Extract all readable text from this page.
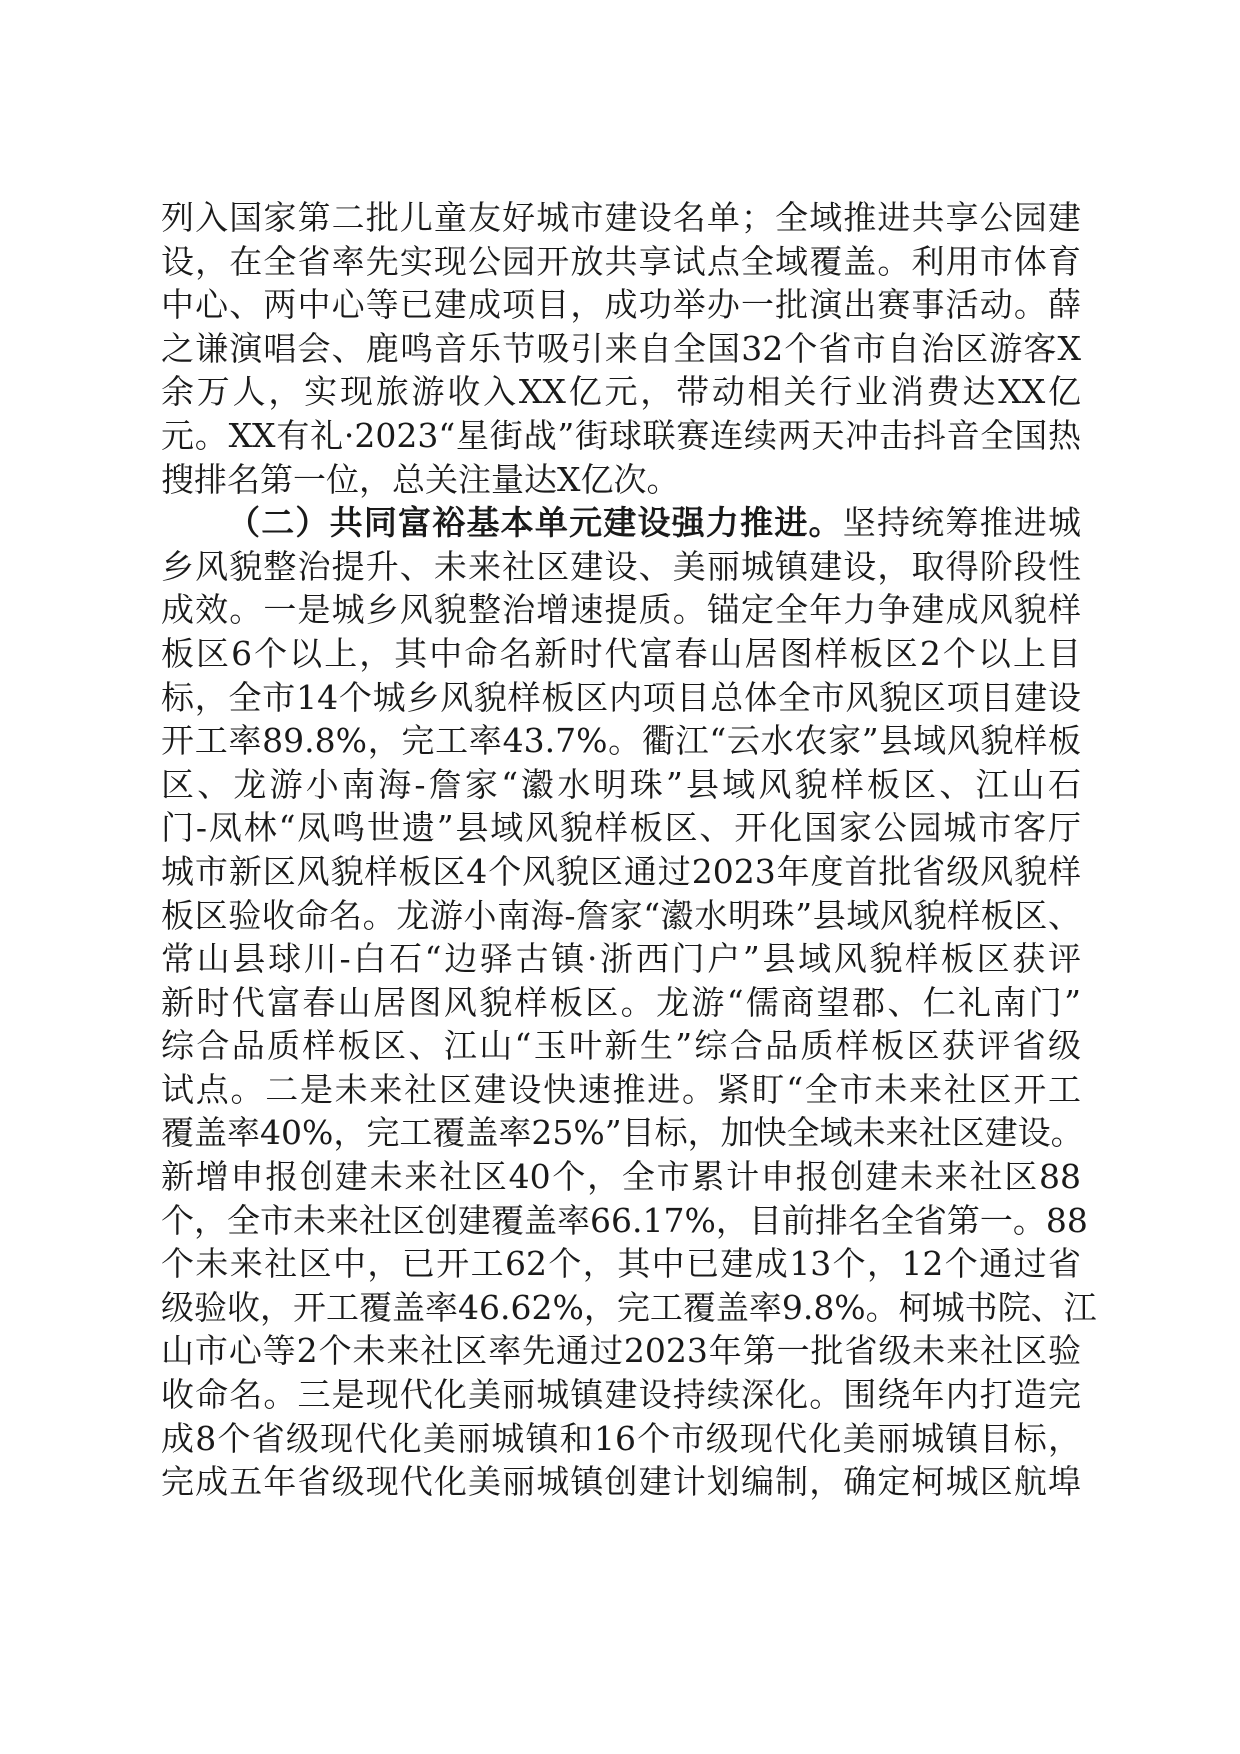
列入国家第二批儿童友好城市建设名单；全域推进共享公园建
设，在全省率先实现公园开放共享试点全域覆盖。利用市体育
中心、两中心等已建成项目，成功举办一批演出赛事活动。薛
之谦演唱会、鹿鸣音乐节吸引来自全国32个省市自治区游客X
余万人，实现旅游收入XX亿元，带动相关行业消费达XX亿
元。XX有礼·2023“星街战”街球联赛连续两天冲击抖音全国热
搜排名第一位，总关注量达X亿次。
（二）共同富裕基本单元建设强力推进。坚持统筹推进城
乡风貌整治提升、未来社区建设、美丽城镇建设，取得阶段性
成效。一是城乡风貌整治增速提质。锚定全年力争建成风貌样
板区6个以上，其中命名新时代富春山居图样板区2个以上目
标，全市14个城乡风貌样板区内项目总体全市风貌区项目建设
开工率89.8%，完工率43.7%。衢江“云水农家”县域风貌样板
区、龙游小南海-詹家“瀫水明珠”县域风貌样板区、江山石
门-凤林“凤鸣世遗”县域风貌样板区、开化国家公园城市客厅
城市新区风貌样板区4个风貌区通过2023年度首批省级风貌样
板区验收命名。龙游小南海-詹家“瀫水明珠”县域风貌样板区、
常山县球川-白石“边驿古镇·浙西门户”县域风貌样板区获评
新时代富春山居图风貌样板区。龙游“儒商望郡、仁礼南门”
综合品质样板区、江山“玉叶新生”综合品质样板区获评省级
试点。二是未来社区建设快速推进。紧盯“全市未来社区开工
覆盖率40%，完工覆盖率25%”目标，加快全域未来社区建设。
新增申报创建未来社区40个，全市累计申报创建未来社区88
个，全市未来社区创建覆盖率66.17%，目前排名全省第一。88
个未来社区中，已开工62个，其中已建成13个，12个通过省
级验收，开工覆盖率46.62%，完工覆盖率9.8%。柯城书院、江
山市心等2个未来社区率先通过2023年第一批省级未来社区验
收命名。三是现代化美丽城镇建设持续深化。围绕年内打造完
成8个省级现代化美丽城镇和16个市级现代化美丽城镇目标，
完成五年省级现代化美丽城镇创建计划编制，确定柯城区航埠
